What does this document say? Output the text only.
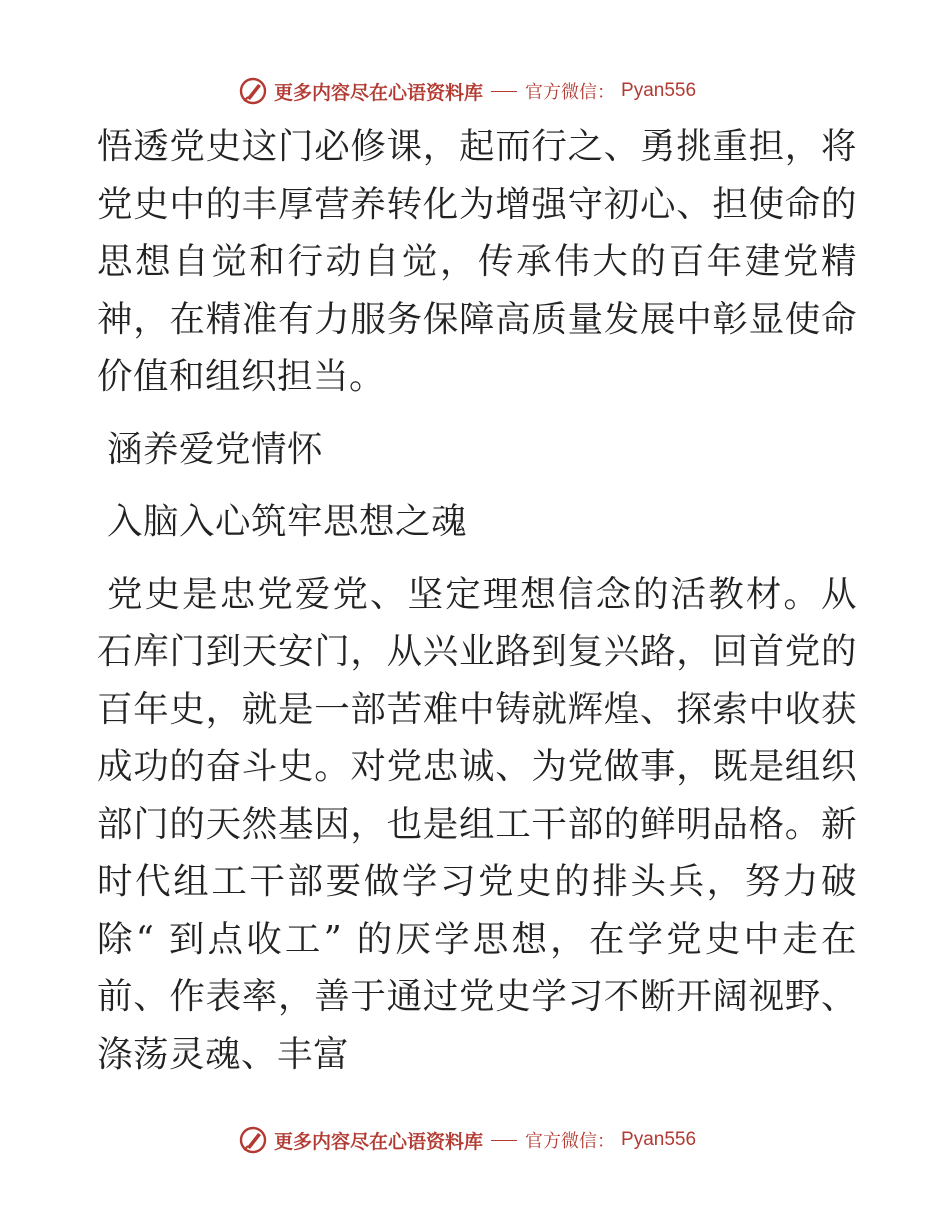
更多内容尽在心语资料库 官方微信： Pyan556

悟透党史这门必修课，起而行之、勇挑重担，将党史中的丰厚营养转化为增强守初心、担使命的思想自觉和行动自觉，传承伟大的百年建党精神，在精准有力服务保障高质量发展中彰显使命价值和组织担当。

涵养爱党情怀

入脑入心筑牢思想之魂

党史是忠党爱党、坚定理想信念的活教材。从石库门到天安门，从兴业路到复兴路，回首党的百年史，就是一部苦难中铸就辉煌、探索中收获成功的奋斗史。对党忠诚、为党做事，既是组织部门的天然基因，也是组工干部的鲜明品格。新时代组工干部要做学习党史的排头兵，努力破除“ 到点收工” 的厌学思想，在学党史中走在前、作表率，善于通过党史学习不断开阔视野、涤荡灵魂、丰富

更多内容尽在心语资料库 官方微信： Pyan556
